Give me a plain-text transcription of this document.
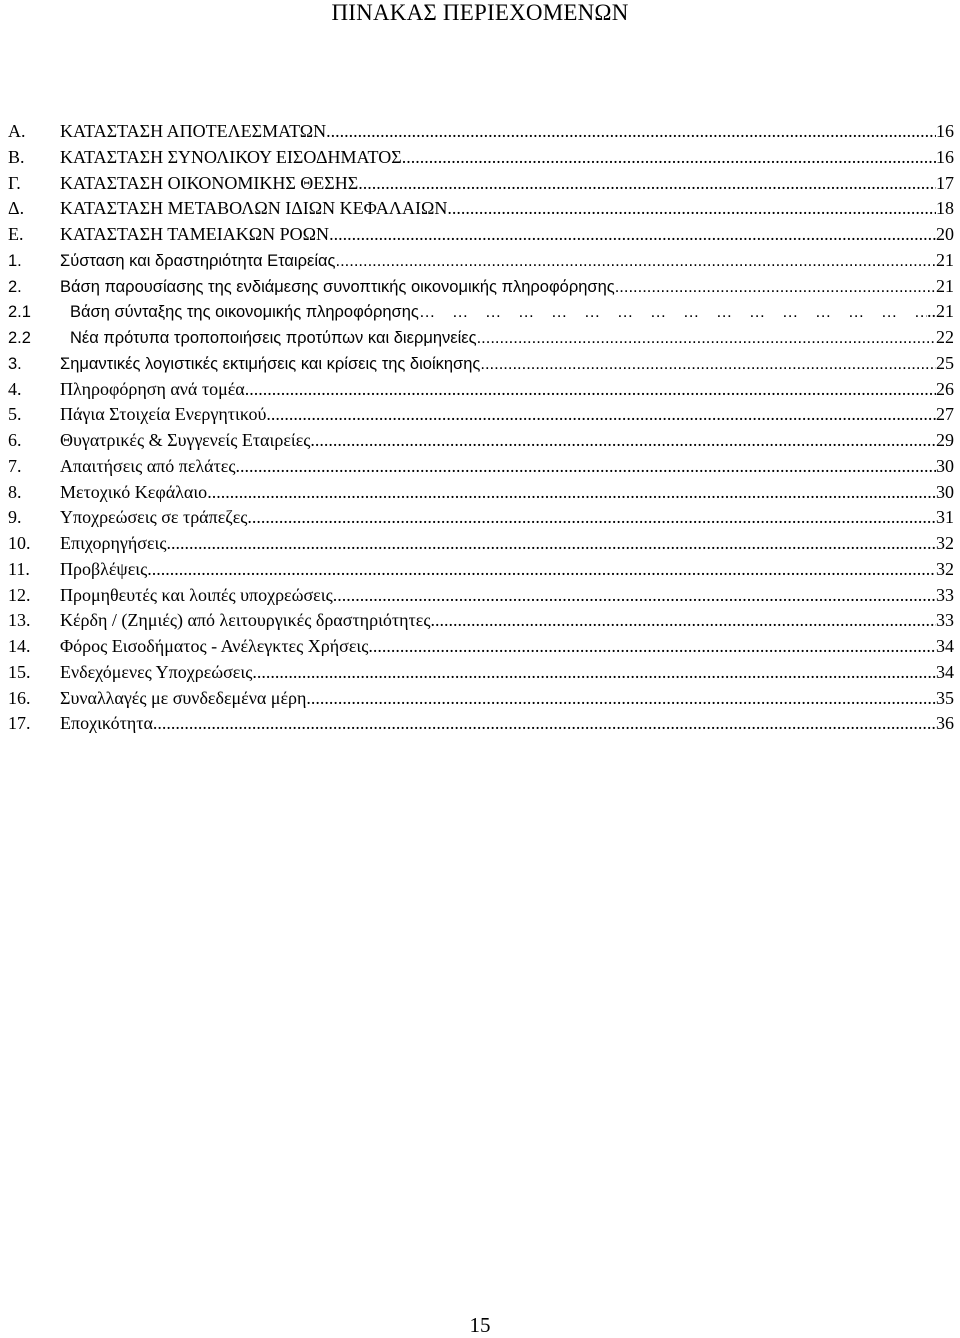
ΠΙΝΑΚΑΣ ΠΕΡΙΕΧΟΜΕΝΩΝ
Α.	ΚΑΤΑΣΤΑΣΗ ΑΠΟΤΕΛΕΣΜΑΤΩΝ .....	16
Β.	ΚΑΤΑΣΤΑΣΗ ΣΥΝΟΛΙΚΟΥ ΕΙΣΟΔΗΜΑΤΟΣ .....	16
Γ.	ΚΑΤΑΣΤΑΣΗ ΟΙΚΟΝΟΜΙΚΗΣ ΘΕΣΗΣ .....	17
Δ.	ΚΑΤΑΣΤΑΣΗ ΜΕΤΑΒΟΛΩΝ ΙΔΙΩΝ ΚΕΦΑΛΑΙΩΝ .....	18
Ε.	ΚΑΤΑΣΤΑΣΗ ΤΑΜΕΙΑΚΩΝ ΡΟΩΝ .....	20
1.	Σύσταση και δραστηριότητα Εταιρείας .....	21
2.	Βάση παρουσίασης της ενδιάμεσης συνοπτικής οικονομικής πληροφόρησης .....	21
2.1	Βάση σύνταξης της οικονομικής πληροφόρησης … … … … … … … … … … … … … … … … … … … … …	..21
2.2	Νέα πρότυπα τροποποιήσεις προτύπων και διερμηνείες .....	22
3.	Σημαντικές λογιστικές εκτιμήσεις και κρίσεις της διοίκησης .....	25
4.	Πληροφόρηση ανά τομέα .....	26
5.	Πάγια Στοιχεία Ενεργητικού .....	27
6.	Θυγατρικές & Συγγενείς Εταιρείες .....	29
7.	Απαιτήσεις από πελάτες .....	30
8.	Μετοχικό Κεφάλαιο .....	30
9.	Υποχρεώσεις σε τράπεζες .....	31
10.	Επιχορηγήσεις .....	32
11.	Προβλέψεις .....	32
12.	Προμηθευτές και λοιπές υποχρεώσεις .....	33
13.	Κέρδη / (Ζημιές) από λειτουργικές δραστηριότητες .....	33
14.	Φόρος Εισοδήματος - Ανέλεγκτες Χρήσεις .....	34
15.	Ενδεχόμενες Υποχρεώσεις .....	34
16.	Συναλλαγές με συνδεδεμένα μέρη .....	35
17.	Εποχικότητα .....	36
15
